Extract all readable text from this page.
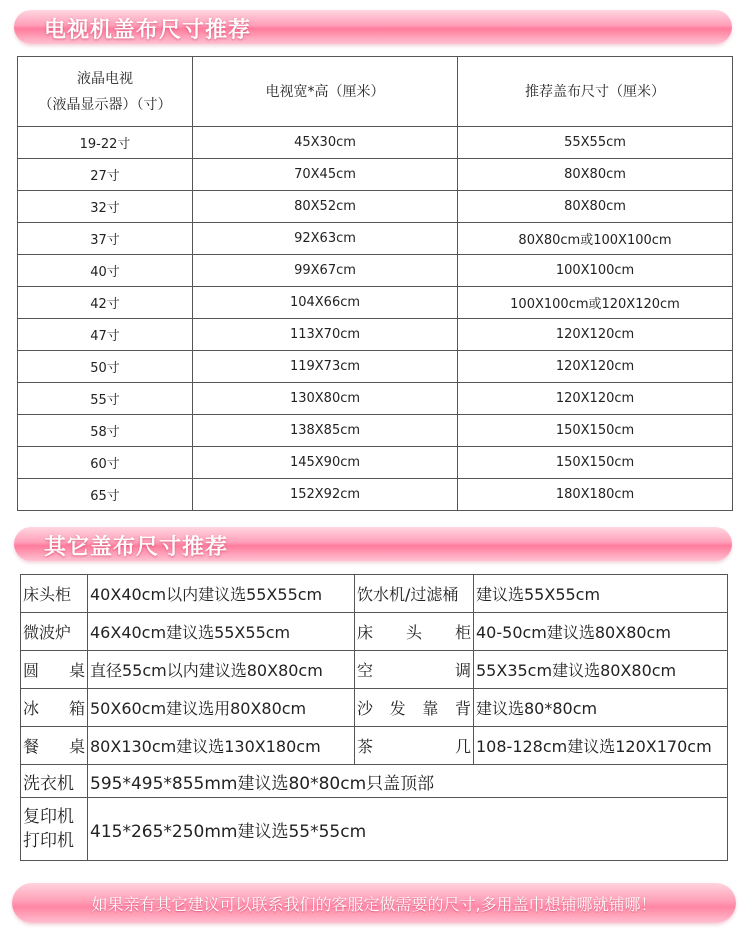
电视机盖布尺寸推荐
液晶电视
（液晶显示器）（寸）	电视宽*高（厘米）	推荐盖布尺寸（厘米）
19-22寸	45X30cm	55X55cm
27寸	70X45cm	80X80cm
32寸	80X52cm	80X80cm
37寸	92X63cm	80X80cm或100X100cm
40寸	99X67cm	100X100cm
42寸	104X66cm	100X100cm或120X120cm
47寸	113X70cm	120X120cm
50寸	119X73cm	120X120cm
55寸	130X80cm	120X120cm
58寸	138X85cm	150X150cm
60寸	145X90cm	150X150cm
65寸	152X92cm	180X180cm
其它盖布尺寸推荐
床头柜	40X40cm以内建议选55X55cm	饮水机/过滤桶	建议选55X55cm

微波炉	46X40cm建议选55X55cm	床 头 柜	40-50cm建议选80X80cm

圆 桌	直径55cm以内建议选80X80cm	空 调	55X35cm建议选80X80cm

冰 箱	50X60cm建议选用80X80cm	沙 发 靠 背	建议选80*80cm

餐 桌	80X130cm建议选130X180cm	茶 几	108-128cm建议选120X170cm
洗衣机	595*495*855mm建议选80*80cm只盖顶部		

复印机
打印机	415*265*250mm建议选55*55cm		
如果亲有其它建议可以联系我们的客服定做需要的尺寸,多用盖巾想铺哪就铺哪！
